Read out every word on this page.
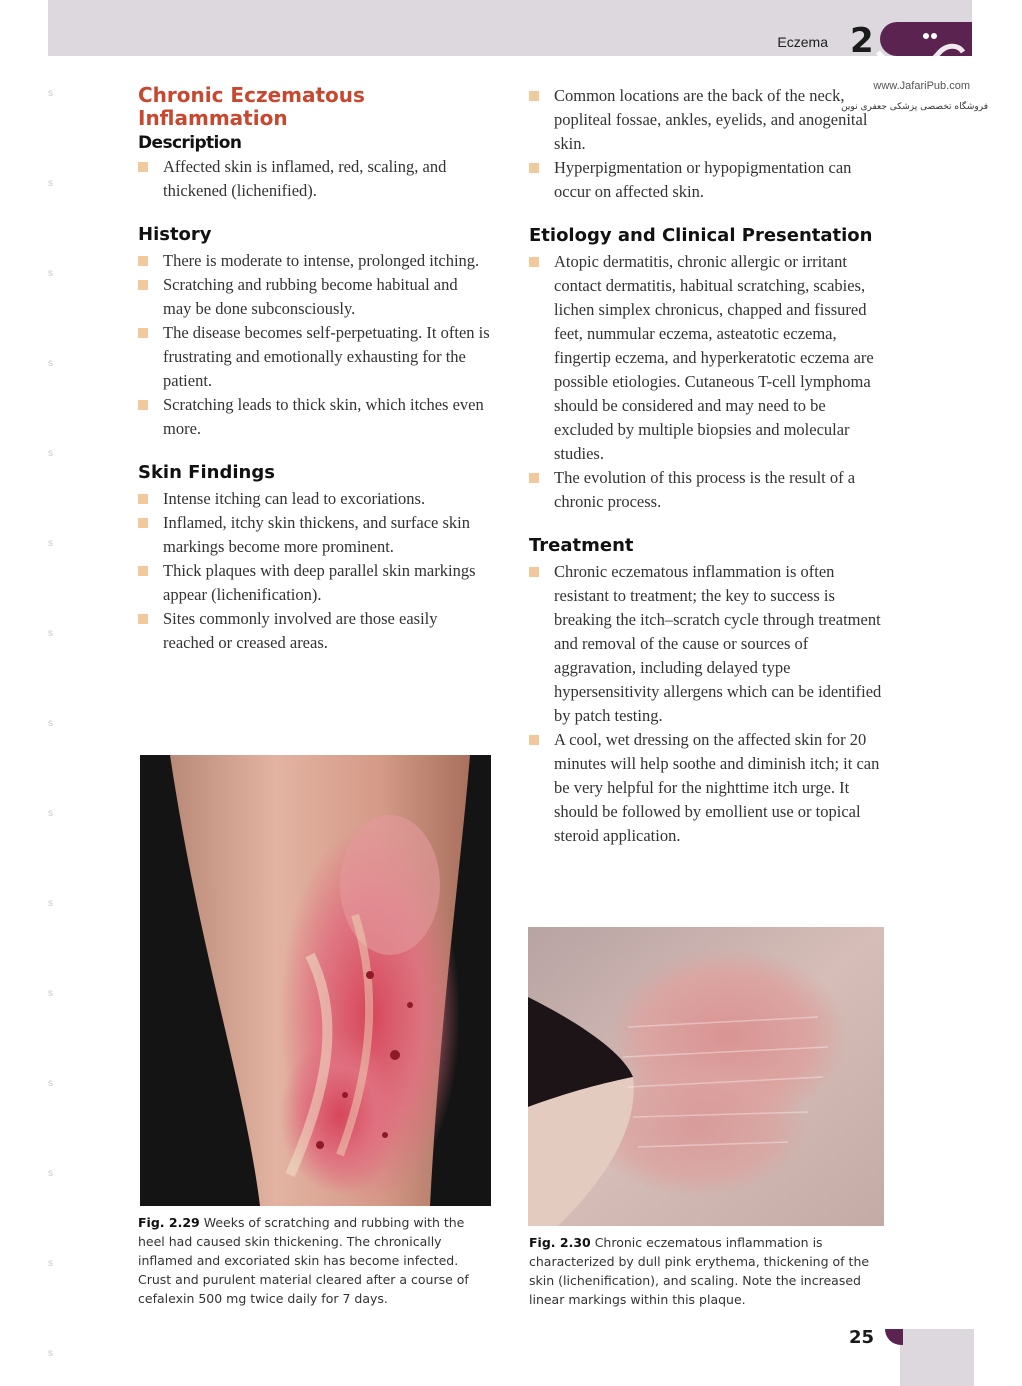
Eczema 2
www.JafariPub.com
فروشگاه تخصصی پزشکی جعفری نوین
s
s
s
s
s
s
s
s
s
s
s
s
s
s
s
Chronic Eczematous
Inflammation
Description
Affected skin is inflamed, red, scaling, and thickened (lichenified).
History
There is moderate to intense, prolonged itching.
Scratching and rubbing become habitual and may be done subconsciously.
The disease becomes self-perpetuating. It often is frustrating and emotionally exhausting for the patient.
Scratching leads to thick skin, which itches even more.
Skin Findings
Intense itching can lead to excoriations.
Inflamed, itchy skin thickens, and surface skin markings become more prominent.
Thick plaques with deep parallel skin markings appear (lichenification).
Sites commonly involved are those easily reached or creased areas.
Common locations are the back of the neck, popliteal fossae, ankles, eyelids, and anogenital skin.
Hyperpigmentation or hypopigmentation can occur on affected skin.
Etiology and Clinical Presentation
Atopic dermatitis, chronic allergic or irritant contact dermatitis, habitual scratching, scabies, lichen simplex chronicus, chapped and fissured feet, nummular eczema, asteatotic eczema, fingertip eczema, and hyperkeratotic eczema are possible etiologies. Cutaneous T-cell lymphoma should be considered and may need to be excluded by multiple biopsies and molecular studies.
The evolution of this process is the result of a chronic process.
Treatment
Chronic eczematous inflammation is often resistant to treatment; the key to success is breaking the itch–scratch cycle through treatment and removal of the cause or sources of aggravation, including delayed type hypersensitivity allergens which can be identified by patch testing.
A cool, wet dressing on the affected skin for 20 minutes will help soothe and diminish itch; it can be very helpful for the nighttime itch urge. It should be followed by emollient use or topical steroid application.
Fig. 2.29 Weeks of scratching and rubbing with the heel had caused skin thickening. The chronically inflamed and excoriated skin has become infected. Crust and purulent material cleared after a course of cefalexin 500 mg twice daily for 7 days.
Fig. 2.30 Chronic eczematous inflammation is characterized by dull pink erythema, thickening of the skin (lichenification), and scaling. Note the increased linear markings within this plaque.
25
